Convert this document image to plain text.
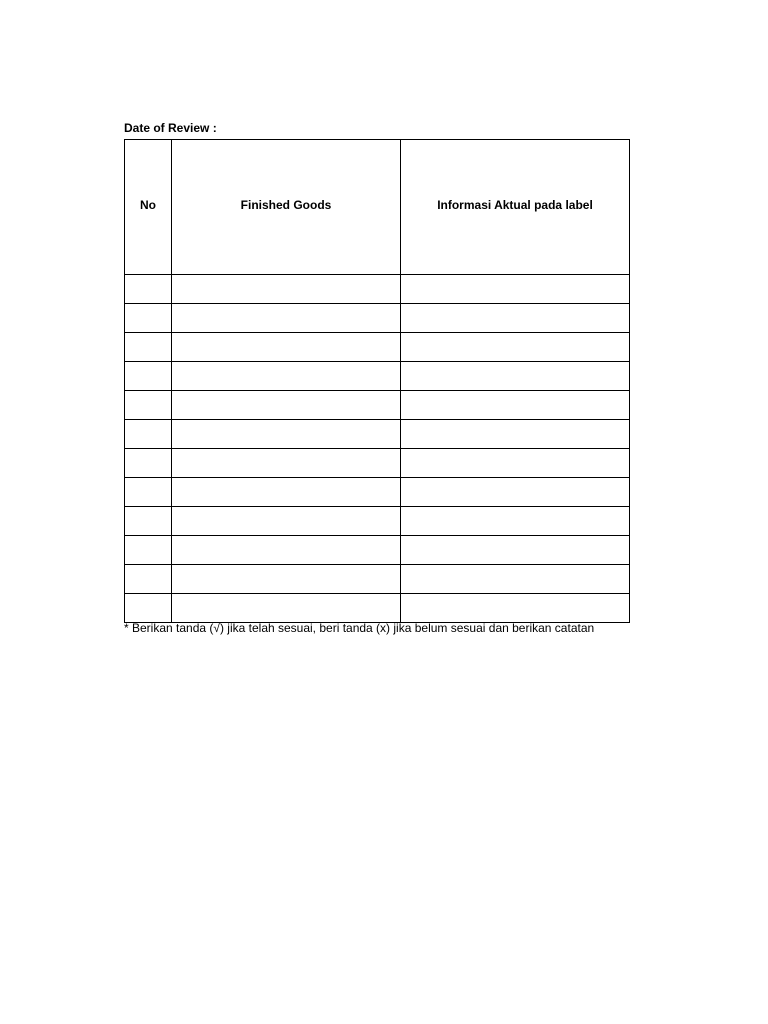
Date of Review :
No	Finished Goods	Informasi Aktual pada label

* Berikan tanda (√) jika telah sesuai, beri tanda (x) jika belum sesuai dan berikan catatan
